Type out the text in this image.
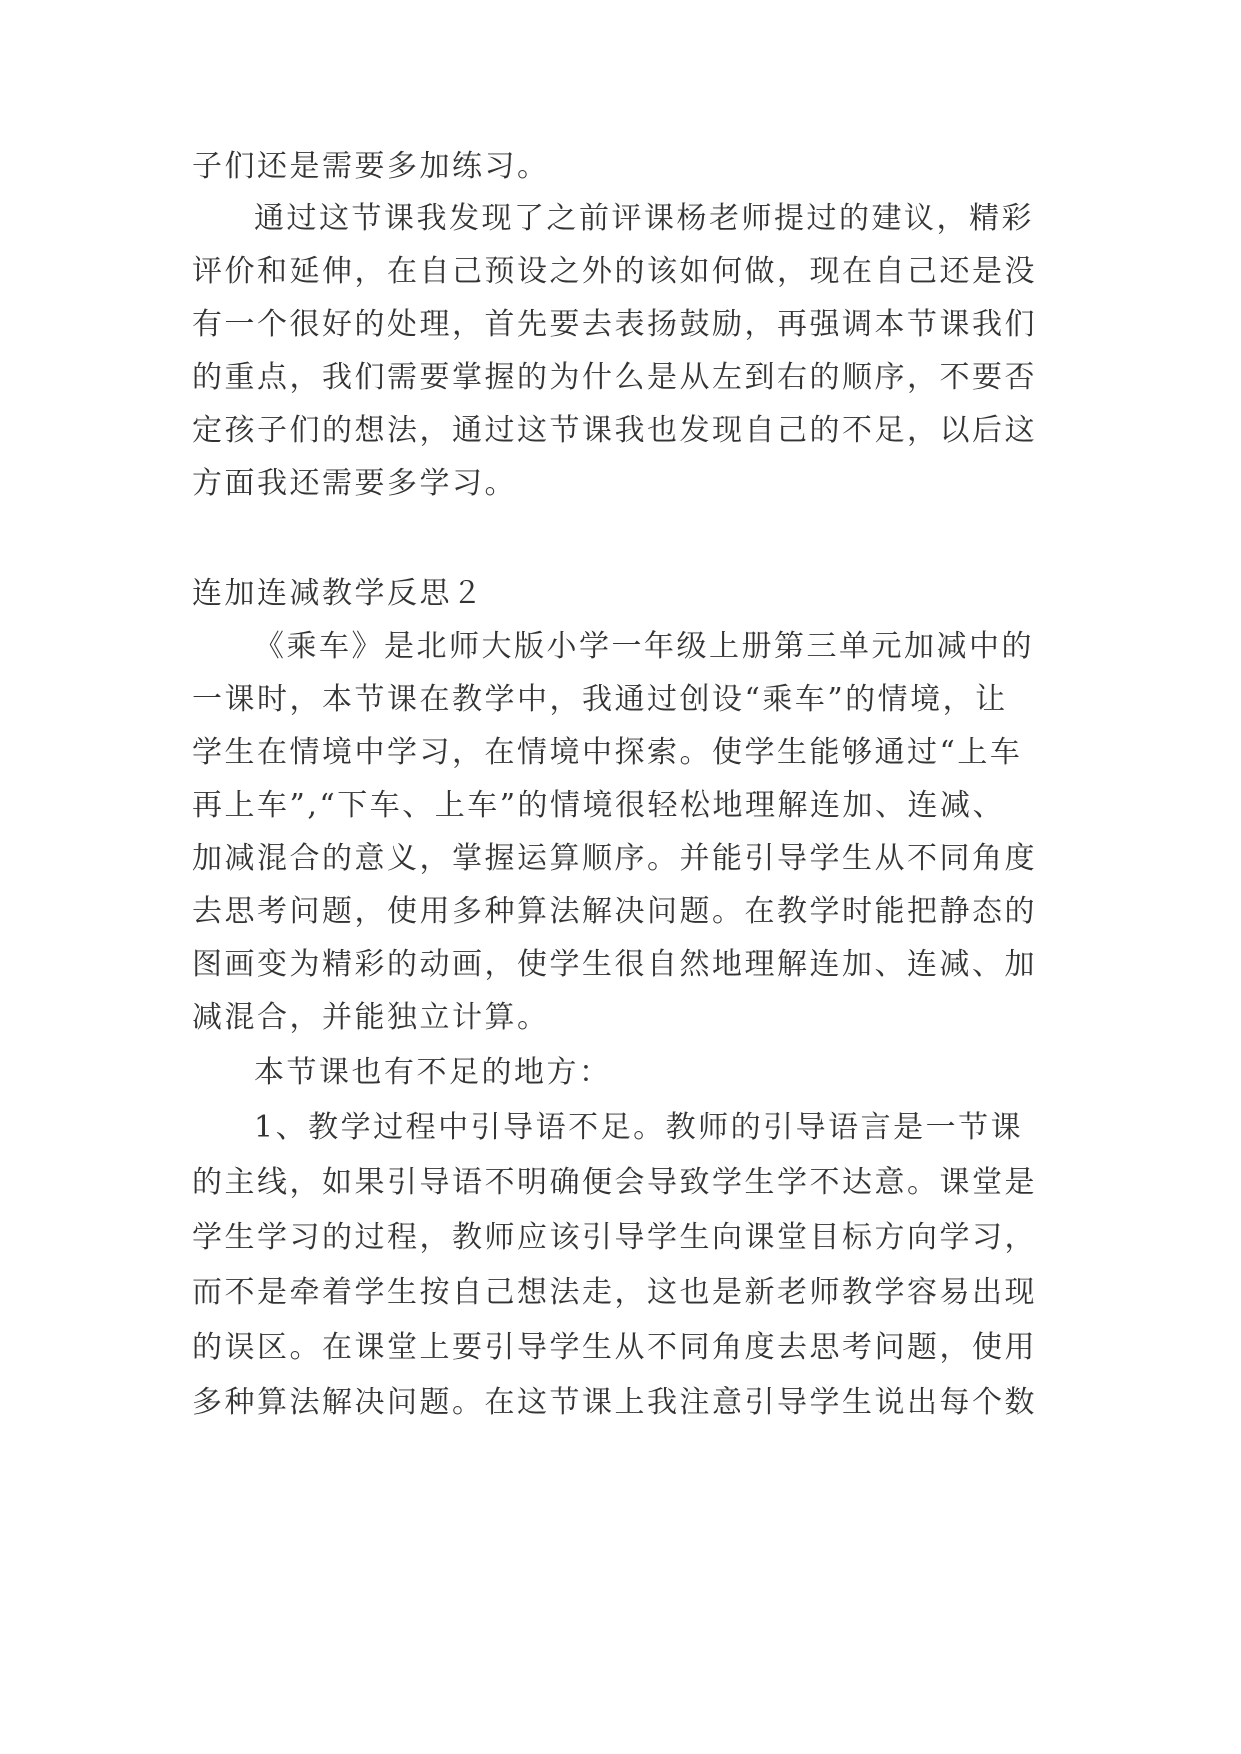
子们还是需要多加练习。
通过这节课我发现了之前评课杨老师提过的建议，精彩
评价和延伸，在自己预设之外的该如何做，现在自己还是没
有一个很好的处理，首先要去表扬鼓励，再强调本节课我们
的重点，我们需要掌握的为什么是从左到右的顺序，不要否
定孩子们的想法，通过这节课我也发现自己的不足，以后这
方面我还需要多学习。
连加连减教学反思２
《乘车》是北师大版小学一年级上册第三单元加减中的
一课时，本节课在教学中，我通过创设“乘车”的情境，让
学生在情境中学习，在情境中探索。使学生能够通过“上车
再上车”,“下车、上车”的情境很轻松地理解连加、连减、
加减混合的意义，掌握运算顺序。并能引导学生从不同角度
去思考问题，使用多种算法解决问题。在教学时能把静态的
图画变为精彩的动画，使学生很自然地理解连加、连减、加
减混合，并能独立计算。
本节课也有不足的地方：
1、教学过程中引导语不足。教师的引导语言是一节课
的主线，如果引导语不明确便会导致学生学不达意。课堂是
学生学习的过程，教师应该引导学生向课堂目标方向学习，
而不是牵着学生按自己想法走，这也是新老师教学容易出现
的误区。在课堂上要引导学生从不同角度去思考问题，使用
多种算法解决问题。在这节课上我注意引导学生说出每个数
